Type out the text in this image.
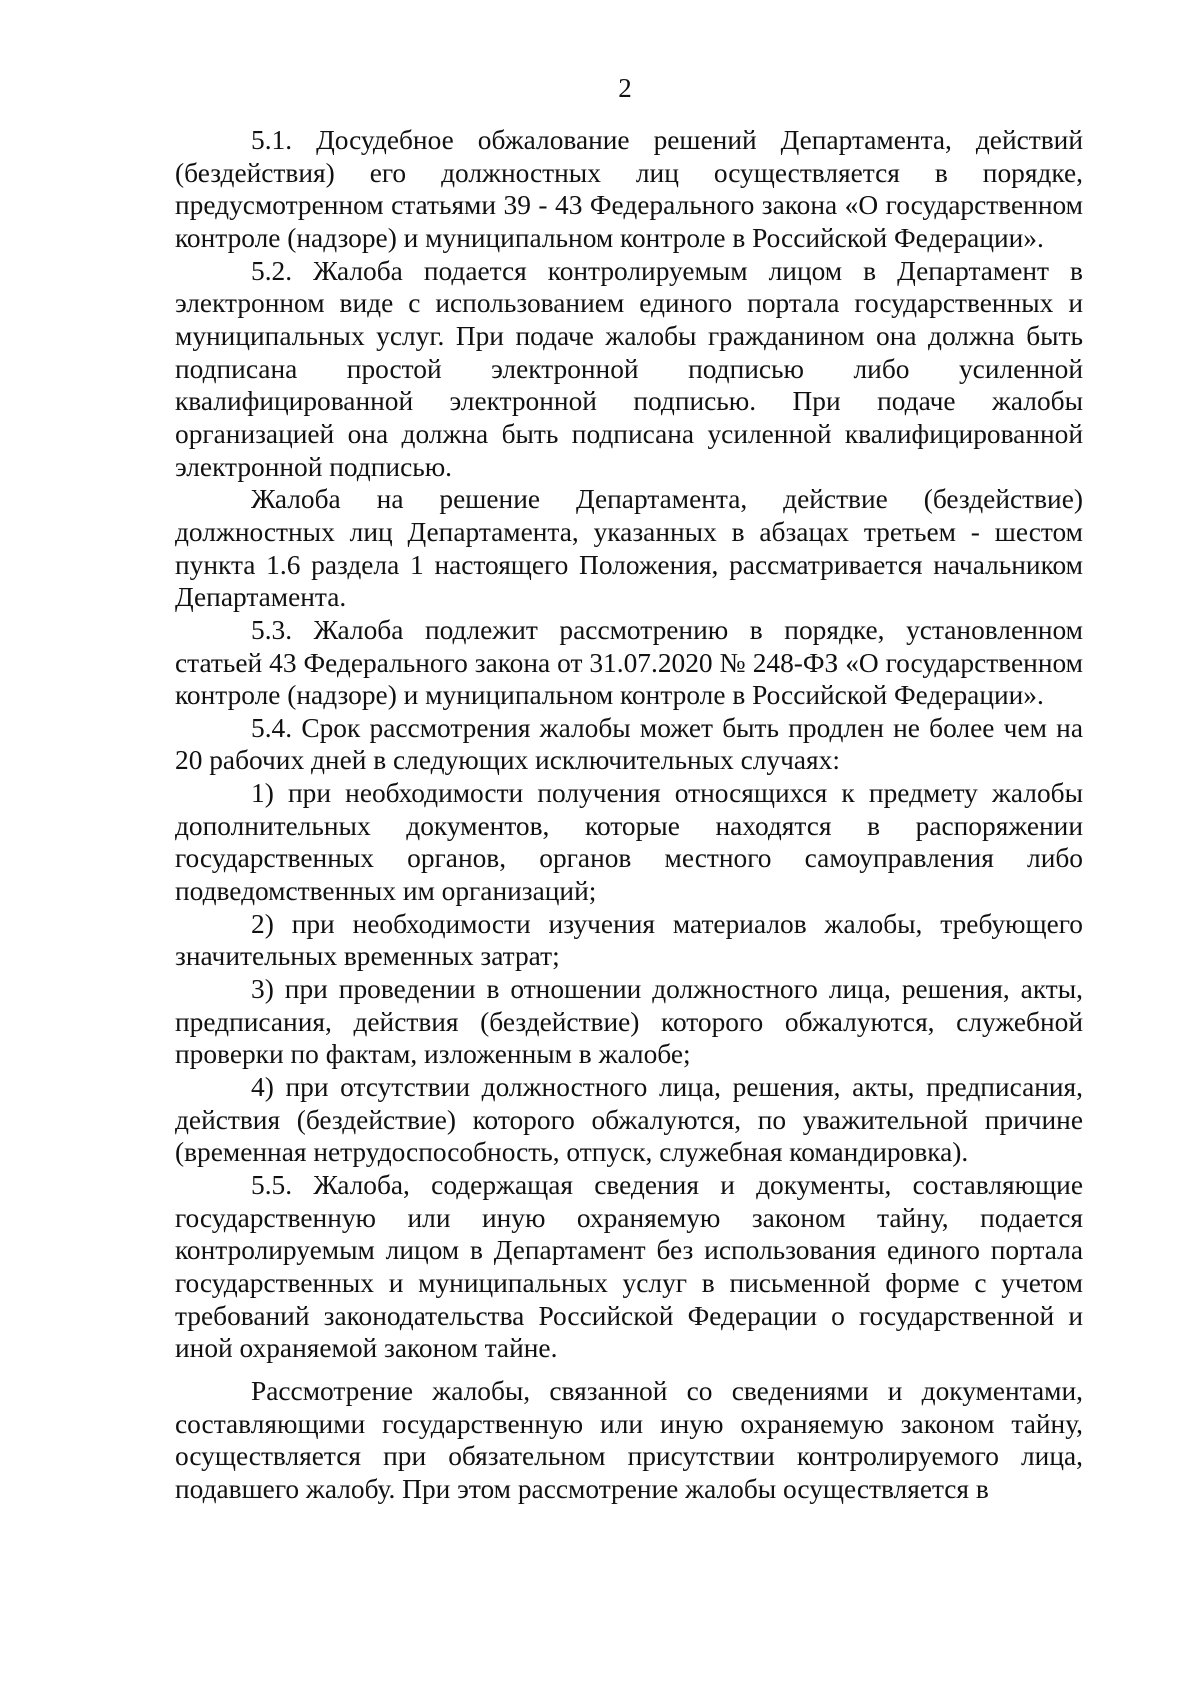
2

5.1. Досудебное обжалование решений Департамента, действий (бездействия) его должностных лиц осуществляется в порядке, предусмотренном статьями 39 - 43 Федерального закона «О государственном контроле (надзоре) и муниципальном контроле в Российской Федерации».

5.2. Жалоба подается контролируемым лицом в Департамент в электронном виде с использованием единого портала государственных и муниципальных услуг. При подаче жалобы гражданином она должна быть подписана простой электронной подписью либо усиленной квалифицированной электронной подписью. При подаче жалобы организацией она должна быть подписана усиленной квалифицированной электронной подписью.

Жалоба на решение Департамента, действие (бездействие) должностных лиц Департамента, указанных в абзацах третьем - шестом пункта 1.6 раздела 1 настоящего Положения, рассматривается начальником Департамента.

5.3. Жалоба подлежит рассмотрению в порядке, установленном статьей 43 Федерального закона от 31.07.2020 № 248-ФЗ «О государственном контроле (надзоре) и муниципальном контроле в Российской Федерации».

5.4. Срок рассмотрения жалобы может быть продлен не более чем на 20 рабочих дней в следующих исключительных случаях:

1) при необходимости получения относящихся к предмету жалобы дополнительных документов, которые находятся в распоряжении государственных органов, органов местного самоуправления либо подведомственных им организаций;

2) при необходимости изучения материалов жалобы, требующего значительных временных затрат;

3) при проведении в отношении должностного лица, решения, акты, предписания, действия (бездействие) которого обжалуются, служебной проверки по фактам, изложенным в жалобе;

4) при отсутствии должностного лица, решения, акты, предписания, действия (бездействие) которого обжалуются, по уважительной причине (временная нетрудоспособность, отпуск, служебная командировка).

5.5. Жалоба, содержащая сведения и документы, составляющие государственную или иную охраняемую законом тайну, подается контролируемым лицом в Департамент без использования единого портала государственных и муниципальных услуг в письменной форме с учетом требований законодательства Российской Федерации о государственной и иной охраняемой законом тайне.

Рассмотрение жалобы, связанной со сведениями и документами, составляющими государственную или иную охраняемую законом тайну, осуществляется при обязательном присутствии контролируемого лица, подавшего жалобу. При этом рассмотрение жалобы осуществляется в
